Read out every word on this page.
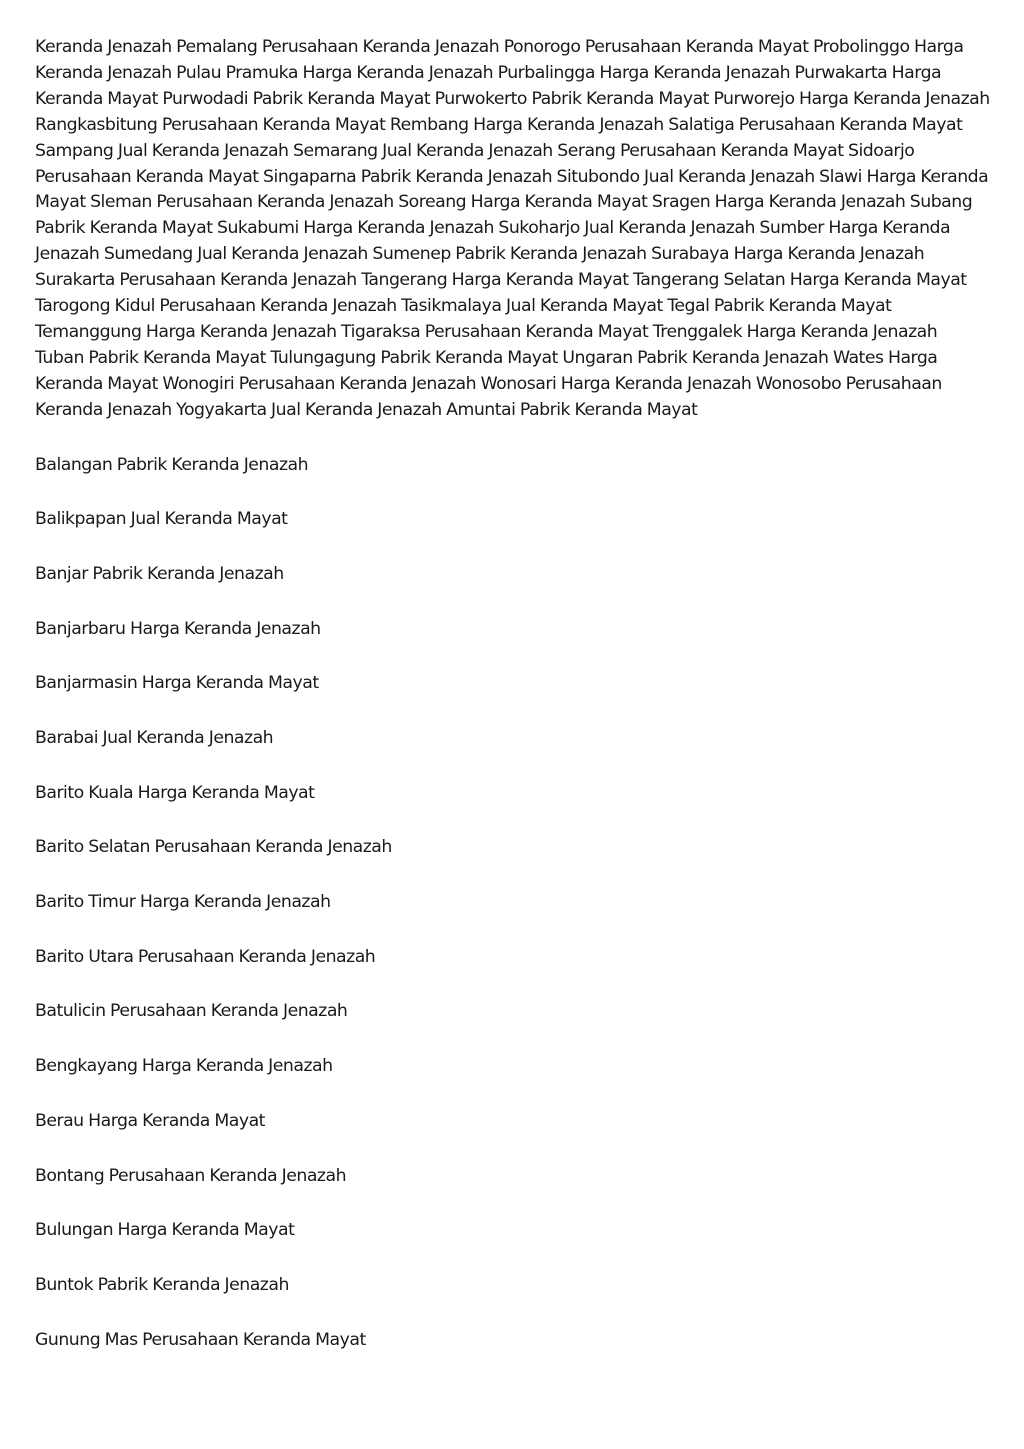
Keranda Jenazah Pemalang Perusahaan Keranda Jenazah Ponorogo Perusahaan Keranda Mayat Probolinggo Harga Keranda Jenazah Pulau Pramuka Harga Keranda Jenazah Purbalingga Harga Keranda Jenazah Purwakarta Harga Keranda Mayat Purwodadi Pabrik Keranda Mayat Purwokerto Pabrik Keranda Mayat Purworejo Harga Keranda Jenazah Rangkasbitung Perusahaan Keranda Mayat Rembang Harga Keranda Jenazah Salatiga Perusahaan Keranda Mayat Sampang Jual Keranda Jenazah Semarang Jual Keranda Jenazah Serang Perusahaan Keranda Mayat Sidoarjo Perusahaan Keranda Mayat Singaparna Pabrik Keranda Jenazah Situbondo Jual Keranda Jenazah Slawi Harga Keranda Mayat Sleman Perusahaan Keranda Jenazah Soreang Harga Keranda Mayat Sragen Harga Keranda Jenazah Subang Pabrik Keranda Mayat Sukabumi Harga Keranda Jenazah Sukoharjo Jual Keranda Jenazah Sumber Harga Keranda Jenazah Sumedang Jual Keranda Jenazah Sumenep Pabrik Keranda Jenazah Surabaya Harga Keranda Jenazah Surakarta Perusahaan Keranda Jenazah Tangerang Harga Keranda Mayat Tangerang Selatan Harga Keranda Mayat Tarogong Kidul Perusahaan Keranda Jenazah Tasikmalaya Jual Keranda Mayat Tegal Pabrik Keranda Mayat Temanggung Harga Keranda Jenazah Tigaraksa Perusahaan Keranda Mayat Trenggalek Harga Keranda Jenazah Tuban Pabrik Keranda Mayat Tulungagung Pabrik Keranda Mayat Ungaran Pabrik Keranda Jenazah Wates Harga Keranda Mayat Wonogiri Perusahaan Keranda Jenazah Wonosari Harga Keranda Jenazah Wonosobo Perusahaan Keranda Jenazah Yogyakarta Jual Keranda Jenazah Amuntai Pabrik Keranda Mayat

Balangan Pabrik Keranda Jenazah
Balikpapan Jual Keranda Mayat
Banjar Pabrik Keranda Jenazah
Banjarbaru Harga Keranda Jenazah
Banjarmasin Harga Keranda Mayat
Barabai Jual Keranda Jenazah
Barito Kuala Harga Keranda Mayat
Barito Selatan Perusahaan Keranda Jenazah
Barito Timur Harga Keranda Jenazah
Barito Utara Perusahaan Keranda Jenazah
Batulicin Perusahaan Keranda Jenazah
Bengkayang Harga Keranda Jenazah
Berau Harga Keranda Mayat
Bontang Perusahaan Keranda Jenazah
Bulungan Harga Keranda Mayat
Buntok Pabrik Keranda Jenazah
Gunung Mas Perusahaan Keranda Mayat
